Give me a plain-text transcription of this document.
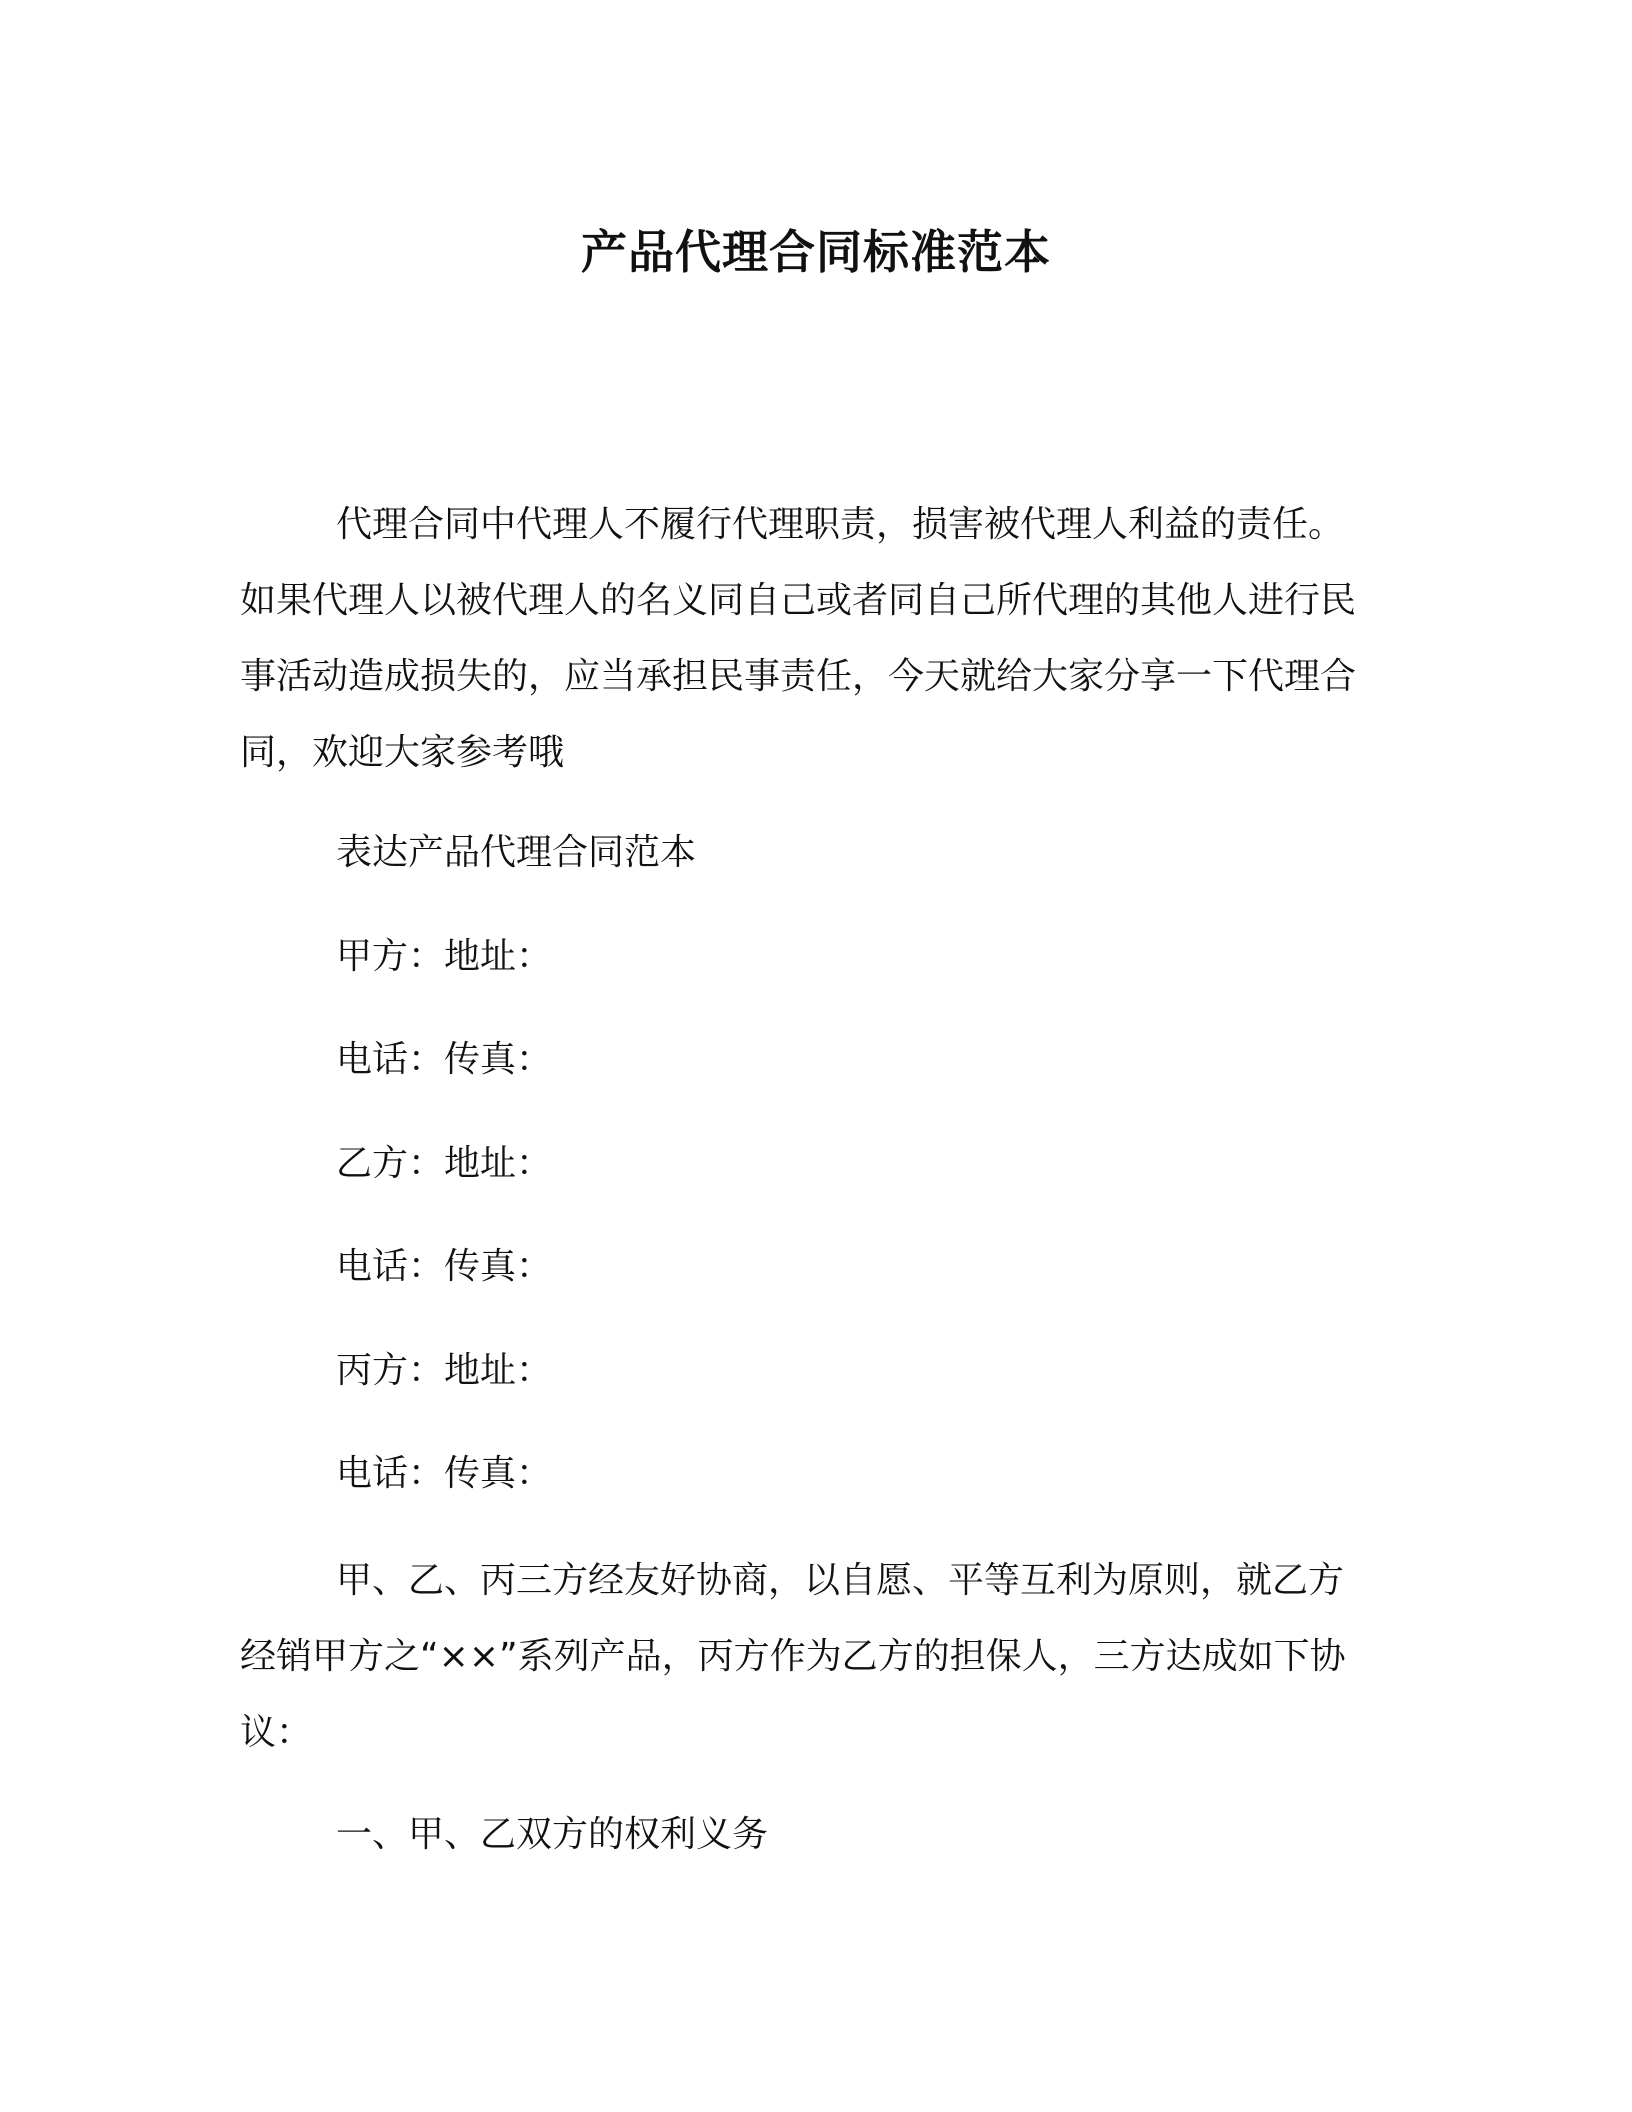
产品代理合同标准范本

代理合同中代理人不履行代理职责，损害被代理人利益的责任。如果代理人以被代理人的名义同自己或者同自己所代理的其他人进行民事活动造成损失的，应当承担民事责任，今天就给大家分享一下代理合同，欢迎大家参考哦

表达产品代理合同范本
甲方：地址：
电话：传真：
乙方：地址：
电话：传真：
丙方：地址：
电话：传真：

甲、乙、丙三方经友好协商，以自愿、平等互利为原则，就乙方经销甲方之“××”系列产品，丙方作为乙方的担保人，三方达成如下协议：

一、甲、乙双方的权利义务
